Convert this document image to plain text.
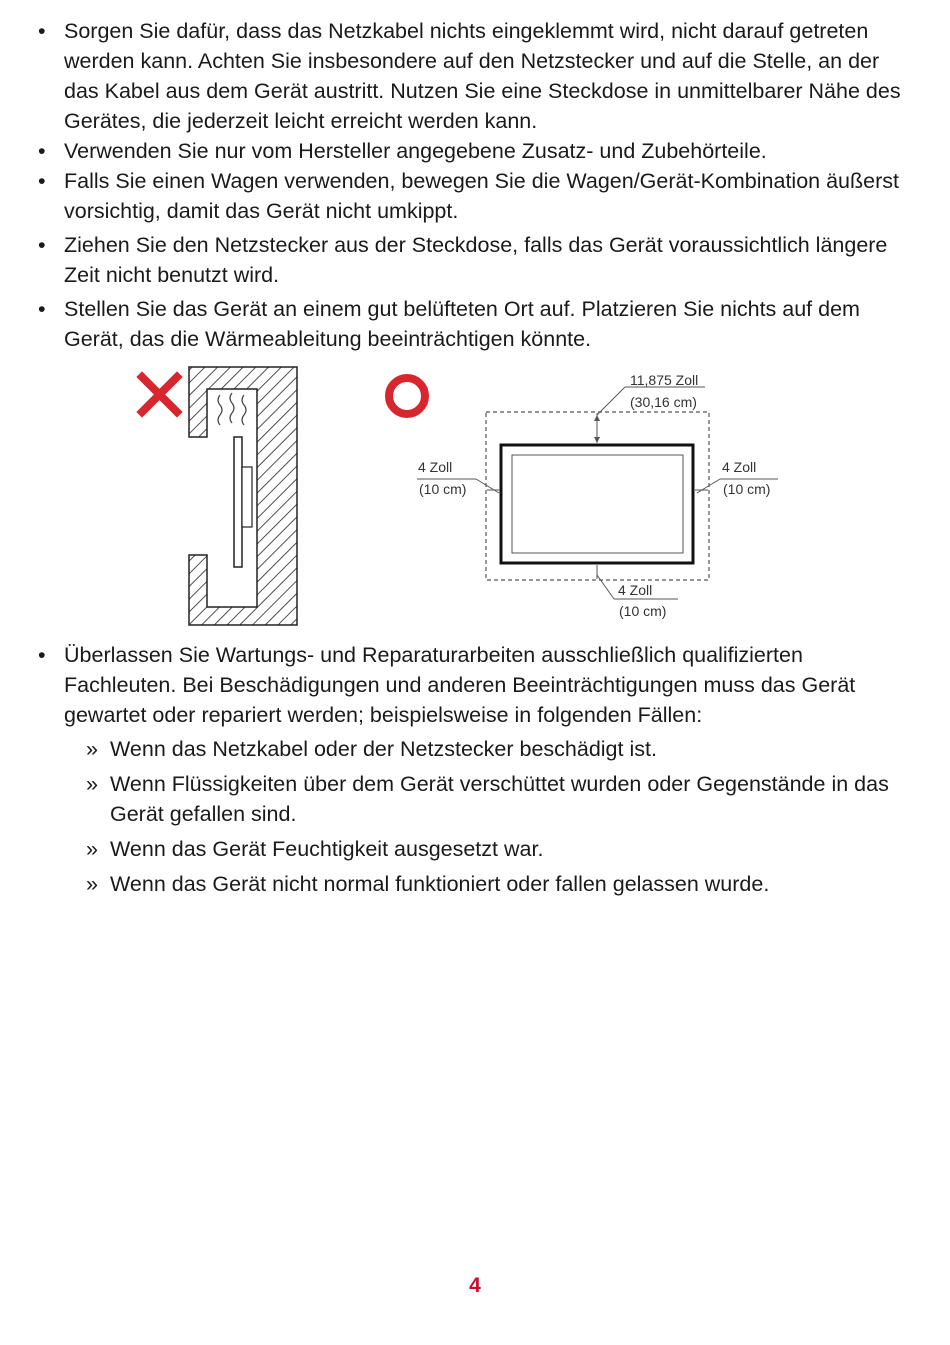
• Sorgen Sie dafür, dass das Netzkabel nichts eingeklemmt wird, nicht darauf getreten werden kann. Achten Sie insbesondere auf den Netzstecker und auf die Stelle, an der das Kabel aus dem Gerät austritt. Nutzen Sie eine Steckdose in unmittelbarer Nähe des Gerätes, die jederzeit leicht erreicht werden kann.
• Verwenden Sie nur vom Hersteller angegebene Zusatz- und Zubehörteile.
• Falls Sie einen Wagen verwenden, bewegen Sie die Wagen/Gerät-Kombination äußerst vorsichtig, damit das Gerät nicht umkippt.
• Ziehen Sie den Netzstecker aus der Steckdose, falls das Gerät voraussichtlich längere Zeit nicht benutzt wird.
• Stellen Sie das Gerät an einem gut belüfteten Ort auf. Platzieren Sie nichts auf dem Gerät, das die Wärmeableitung beeinträchtigen könnte.
11,875 Zoll
(30,16 cm)
4 Zoll
(10 cm)
4 Zoll
(10 cm)
4 Zoll
(10 cm)
• Überlassen Sie Wartungs- und Reparaturarbeiten ausschließlich qualifizierten Fachleuten. Bei Beschädigungen und anderen Beeinträchtigungen muss das Gerät gewartet oder repariert werden; beispielsweise in folgenden Fällen:
» Wenn das Netzkabel oder der Netzstecker beschädigt ist.
» Wenn Flüssigkeiten über dem Gerät verschüttet wurden oder Gegenstände in das Gerät gefallen sind.
» Wenn das Gerät Feuchtigkeit ausgesetzt war.
» Wenn das Gerät nicht normal funktioniert oder fallen gelassen wurde.
4
